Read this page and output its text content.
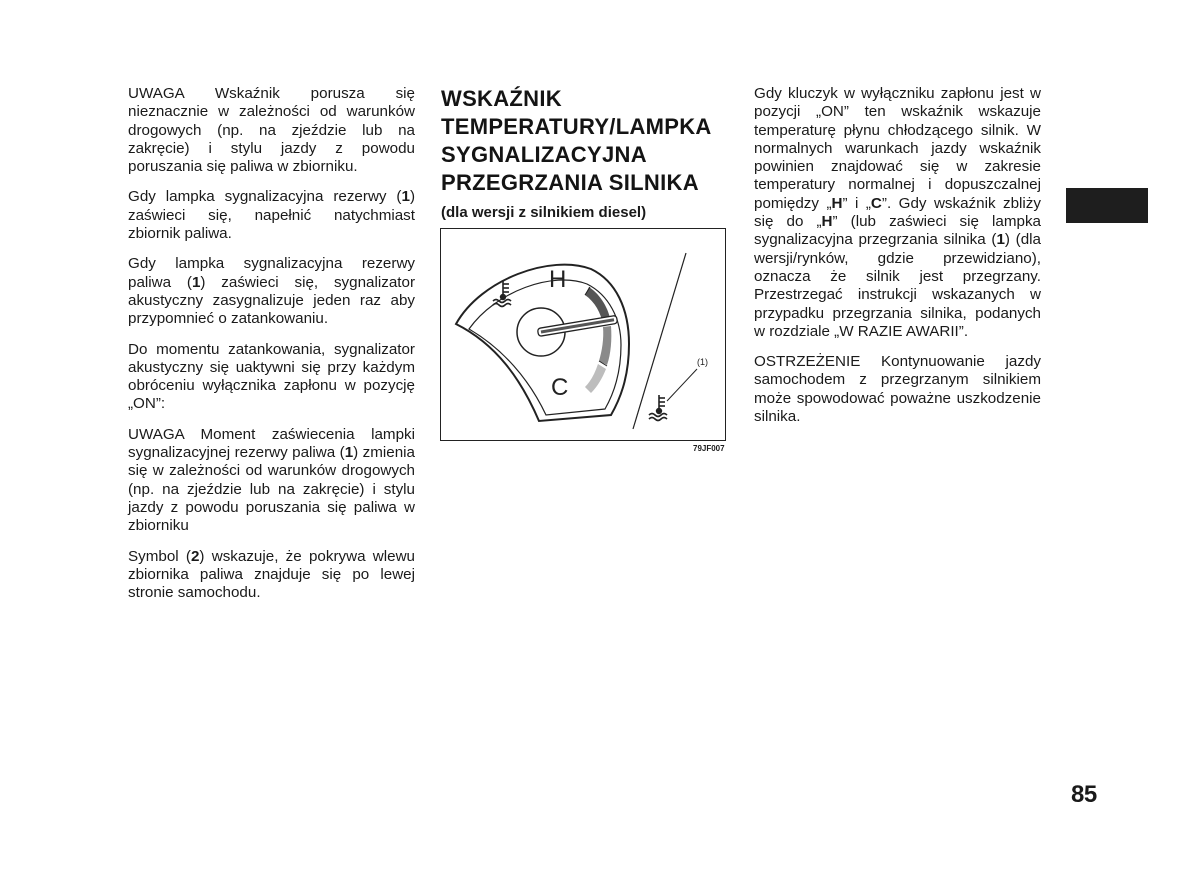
UWAGA Wskaźnik porusza się nieznacznie w zależności od warunków drogowych (np. na zjeździe lub na zakręcie) i stylu jazdy z powodu poruszania się paliwa w zbiorniku.

Gdy lampka sygnalizacyjna rezerwy (1) zaświeci się, napełnić natychmiast zbiornik paliwa.

Gdy lampka sygnalizacyjna rezerwy paliwa (1) zaświeci się, sygnalizator akustyczny zasygnalizuje jeden raz aby przypomnieć o zatankowaniu.

Do momentu zatankowania, sygnalizator akustyczny się uaktywni się przy każdym obróceniu wyłącznika zapłonu w pozycję „ON”:

UWAGA Moment zaświecenia lampki sygnalizacyjnej rezerwy paliwa (1) zmienia się w zależności od warunków drogowych (np. na zjeździe lub na zakręcie) i stylu jazdy z powodu poruszania się paliwa w zbiorniku

Symbol (2) wskazuje, że pokrywa wlewu zbiornika paliwa znajduje się po lewej stronie samochodu.

WSKAŹNIK
TEMPERATURY/LAMPKA
SYGNALIZACYJNA
PRZEGRZANIA SILNIKA
(dla wersji z silnikiem diesel)
H
C
(1)
79JF007

Gdy kluczyk w wyłączniku zapłonu jest w pozycji „ON” ten wskaźnik wskazuje temperaturę płynu chłodzącego silnik. W normalnych warunkach jazdy wskaźnik powinien znajdować się w zakresie temperatury normalnej i dopuszczalnej pomiędzy „H” i „C”. Gdy wskaźnik zbliży się do „H” (lub zaświeci się lampka sygnalizacyjna przegrzania silnika (1) (dla wersji/rynków, gdzie przewidziano), oznacza że silnik jest przegrzany. Przestrzegać instrukcji wskazanych w przypadku przegrzania silnika, podanych w rozdziale „W RAZIE AWARII”.

OSTRZEŻENIE Kontynuowanie jazdy samochodem z przegrzanym silnikiem może spowodować poważne uszkodzenie silnika.

85
